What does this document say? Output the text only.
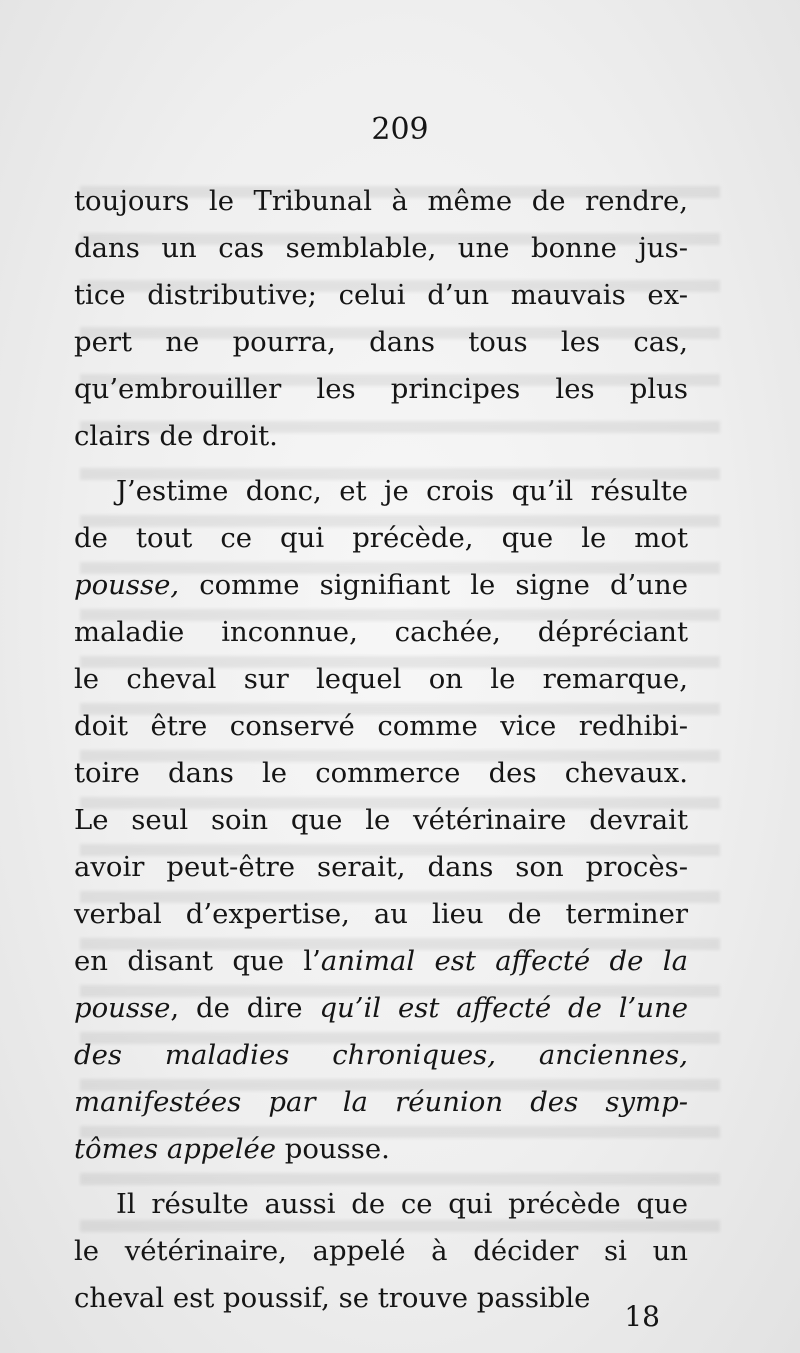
209
toujours le Tribunal à même de rendre,
dans un cas semblable, une bonne jus-
tice distributive; celui d’un mauvais ex-
pert ne pourra, dans tous les cas,
qu’embrouiller les principes les plus
clairs de droit.
J’estime donc, et je crois qu’il résulte
de tout ce qui précède, que le mot
pousse, comme signifiant le signe d’une
maladie inconnue, cachée, dépréciant
le cheval sur lequel on le remarque,
doit être conservé comme vice redhibi-
toire dans le commerce des chevaux.
Le seul soin que le vétérinaire devrait
avoir peut-être serait, dans son procès-
verbal d’expertise, au lieu de terminer
en disant que l’animal est affecté de la
pousse, de dire qu’il est affecté de l’une
des maladies chroniques, anciennes,
manifestées par la réunion des symp-
tômes appelée pousse.
Il résulte aussi de ce qui précède que
le vétérinaire, appelé à décider si un
cheval est poussif, se trouve passible
18
